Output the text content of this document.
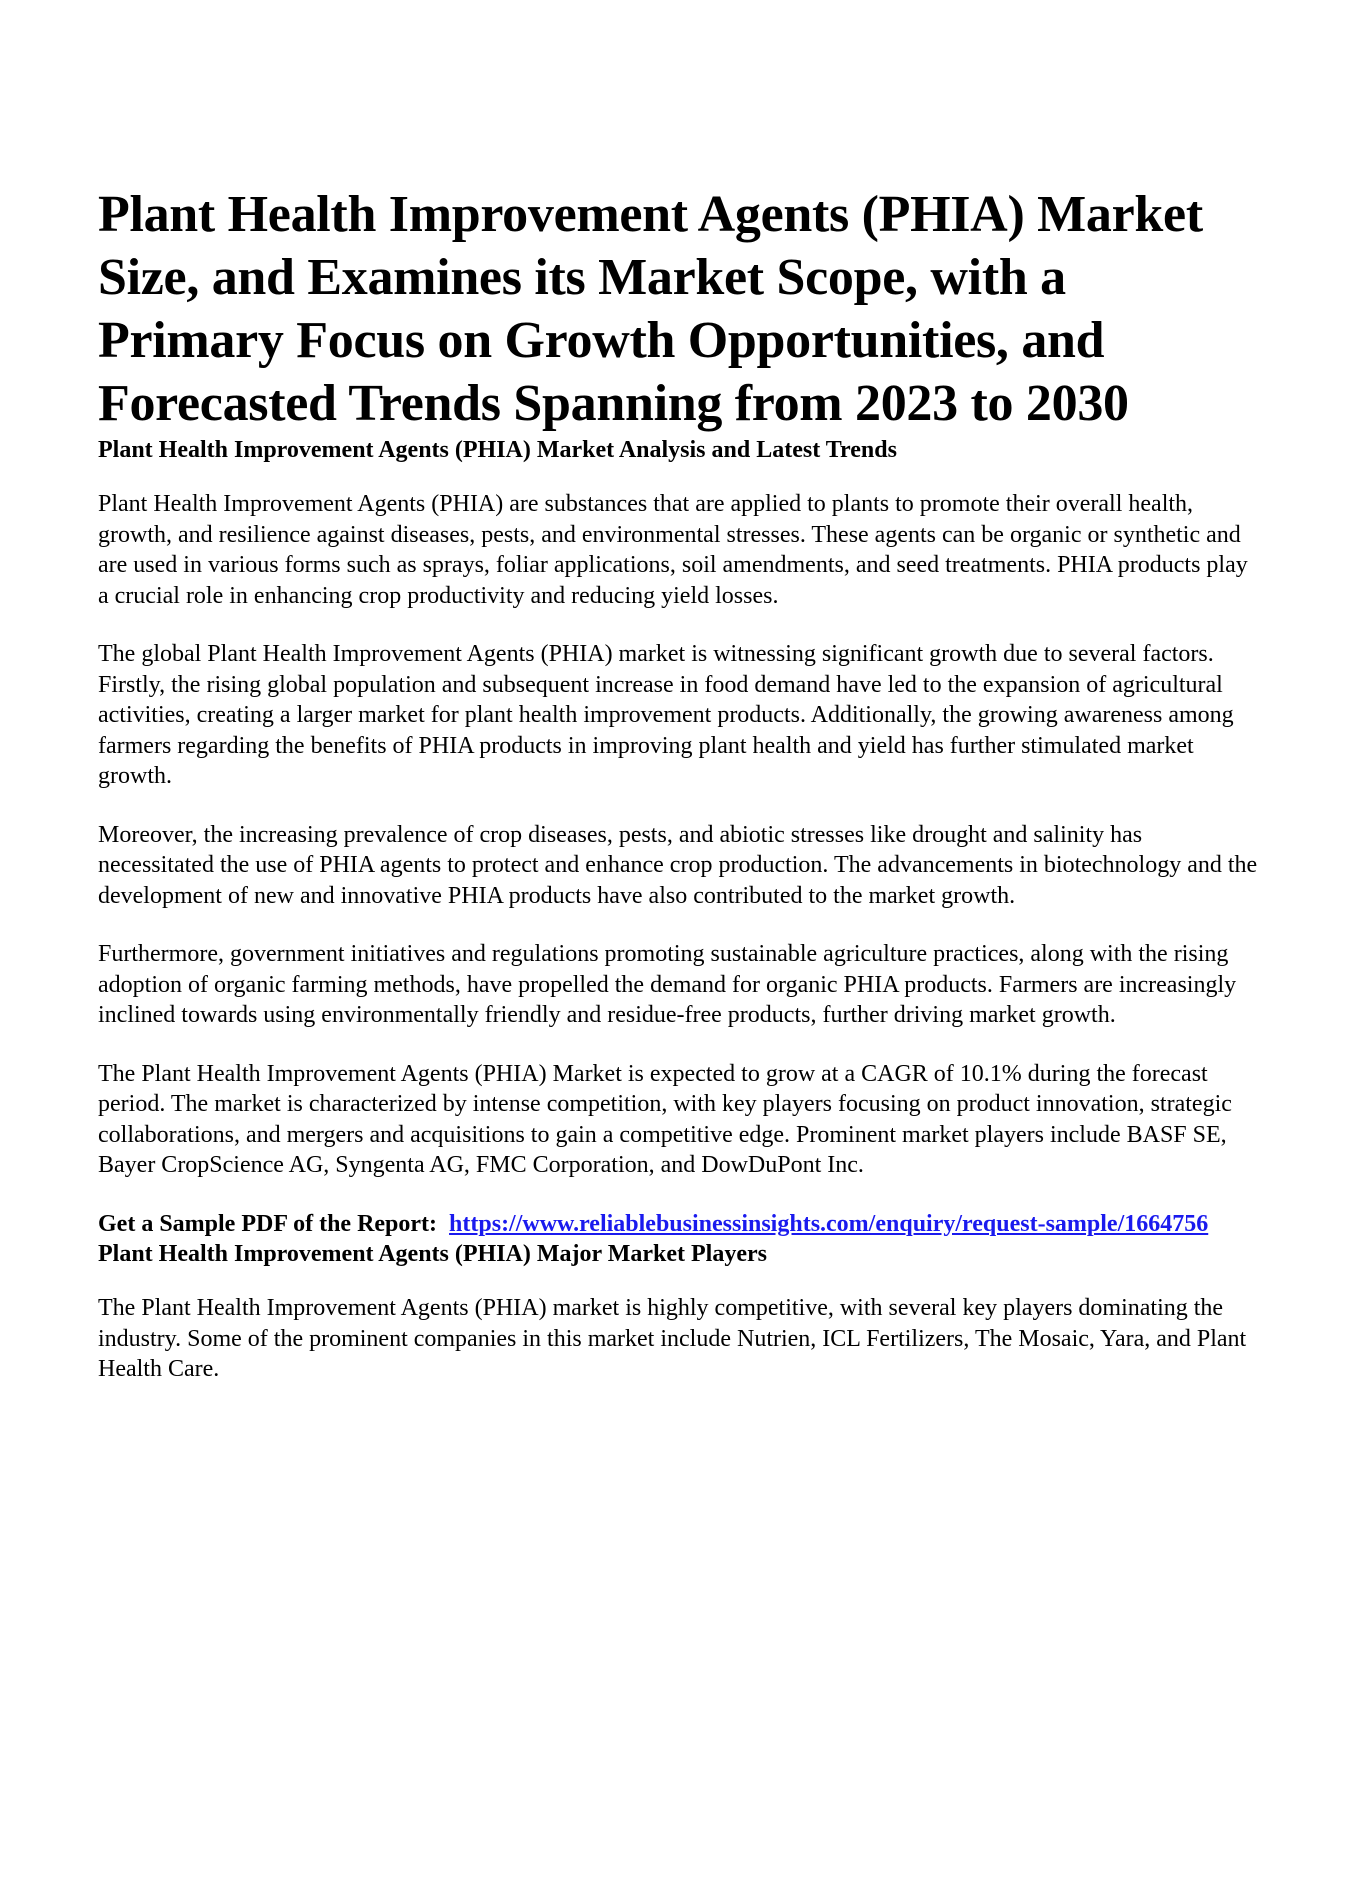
Plant Health Improvement Agents (PHIA) Market Size, and Examines its Market Scope, with a Primary Focus on Growth Opportunities, and Forecasted Trends Spanning from 2023 to 2030
Plant Health Improvement Agents (PHIA) Market Analysis and Latest Trends

Plant Health Improvement Agents (PHIA) are substances that are applied to plants to promote their overall health, growth, and resilience against diseases, pests, and environmental stresses. These agents can be organic or synthetic and are used in various forms such as sprays, foliar applications, soil amendments, and seed treatments. PHIA products play a crucial role in enhancing crop productivity and reducing yield losses.

The global Plant Health Improvement Agents (PHIA) market is witnessing significant growth due to several factors. Firstly, the rising global population and subsequent increase in food demand have led to the expansion of agricultural activities, creating a larger market for plant health improvement products. Additionally, the growing awareness among farmers regarding the benefits of PHIA products in improving plant health and yield has further stimulated market growth.

Moreover, the increasing prevalence of crop diseases, pests, and abiotic stresses like drought and salinity has necessitated the use of PHIA agents to protect and enhance crop production. The advancements in biotechnology and the development of new and innovative PHIA products have also contributed to the market growth.

Furthermore, government initiatives and regulations promoting sustainable agriculture practices, along with the rising adoption of organic farming methods, have propelled the demand for organic PHIA products. Farmers are increasingly inclined towards using environmentally friendly and residue-free products, further driving market growth.

The Plant Health Improvement Agents (PHIA) Market is expected to grow at a CAGR of 10.1% during the forecast period. The market is characterized by intense competition, with key players focusing on product innovation, strategic collaborations, and mergers and acquisitions to gain a competitive edge. Prominent market players include BASF SE, Bayer CropScience AG, Syngenta AG, FMC Corporation, and DowDuPont Inc.

Get a Sample PDF of the Report: https://www.reliablebusinessinsights.com/enquiry/request-sample/1664756
Plant Health Improvement Agents (PHIA) Major Market Players

The Plant Health Improvement Agents (PHIA) market is highly competitive, with several key players dominating the industry. Some of the prominent companies in this market include Nutrien, ICL Fertilizers, The Mosaic, Yara, and Plant Health Care.
